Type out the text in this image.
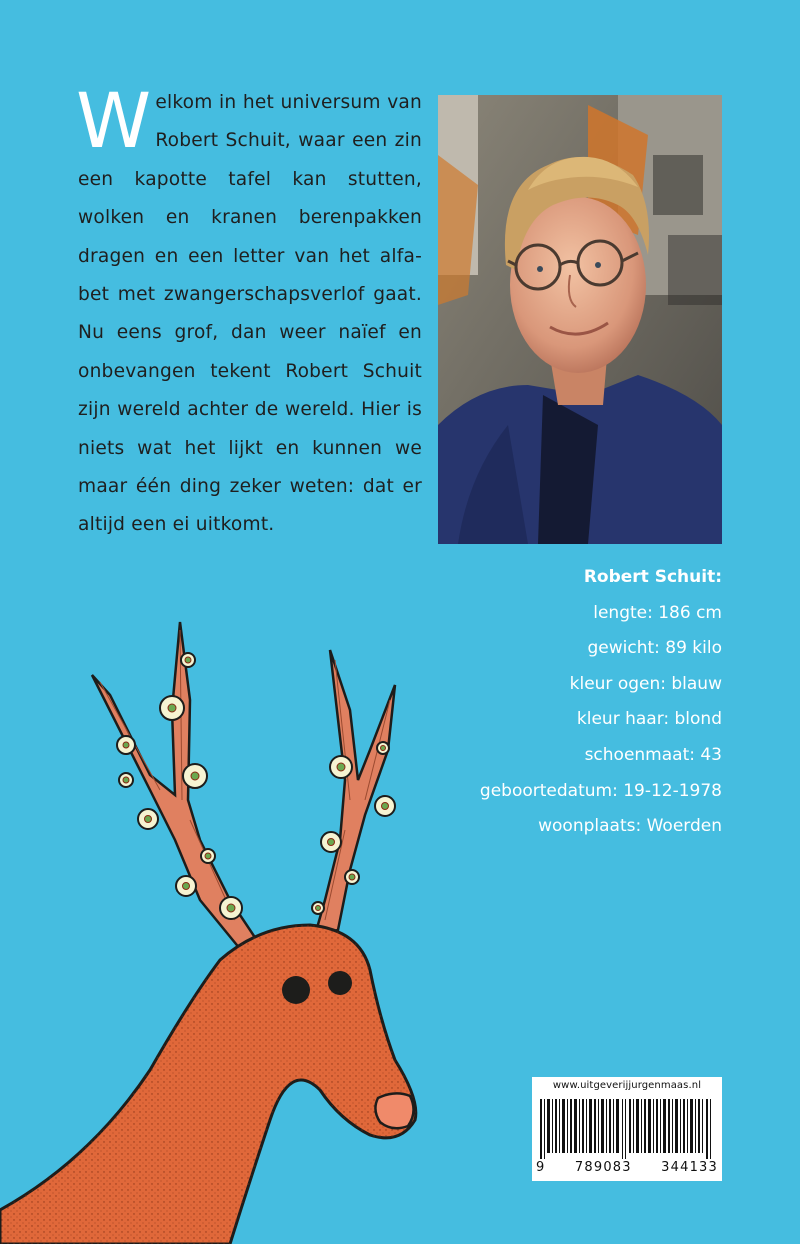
Welkom in het universum van Robert Schuit, waar een zin een kapotte tafel kan stutten, wolken en kranen berenpakken dragen en een letter van het alfa-bet met zwangerschapsverlof gaat. Nu eens grof, dan weer naïef en onbevangen tekent Robert Schuit zijn wereld achter de wereld. Hier is niets wat het lijkt en kunnen we maar één ding zeker weten: dat er altijd een ei uitkomt.
Robert Schuit:
lengte: 186 cm
gewicht: 89 kilo
kleur ogen: blauw
kleur haar: blond
schoenmaat: 43
geboortedatum: 19-12-1978
woonplaats: Woerden
www.uitgeverijjurgenmaas.nl
9 789083 344133
